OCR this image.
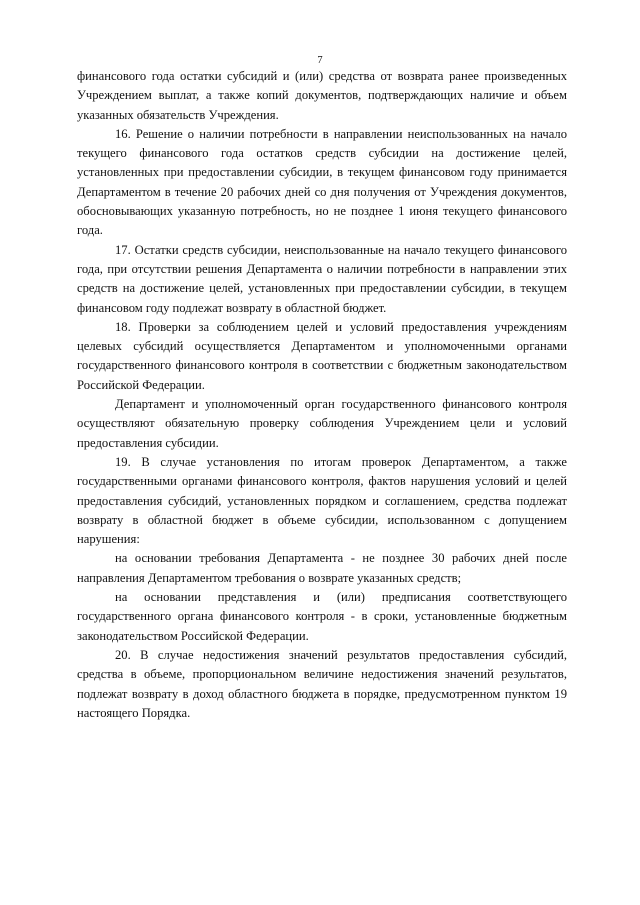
7

финансового года остатки субсидий и (или) средства от возврата ранее произведенных Учреждением выплат, а также копий документов, подтверждающих наличие и объем указанных обязательств Учреждения.

16. Решение о наличии потребности в направлении неиспользованных на начало текущего финансового года остатков средств субсидии на достижение целей, установленных при предоставлении субсидии, в текущем финансовом году принимается Департаментом в течение 20 рабочих дней со дня получения от Учреждения документов, обосновывающих указанную потребность, но не позднее 1 июня текущего финансового года.

17. Остатки средств субсидии, неиспользованные на начало текущего финансового года, при отсутствии решения Департамента о наличии потребности в направлении этих средств на достижение целей, установленных при предоставлении субсидии, в текущем финансовом году подлежат возврату в областной бюджет.

18. Проверки за соблюдением целей и условий предоставления учреждениям целевых субсидий осуществляется Департаментом и уполномоченными органами государственного финансового контроля в соответствии с бюджетным законодательством Российской Федерации.

Департамент и уполномоченный орган государственного финансового контроля осуществляют обязательную проверку соблюдения Учреждением цели и условий предоставления субсидии.

19. В случае установления по итогам проверок Департаментом, а также государственными органами финансового контроля, фактов нарушения условий и целей предоставления субсидий, установленных порядком и соглашением, средства подлежат возврату в областной бюджет в объеме субсидии, использованном с допущением нарушения:

на основании требования Департамента - не позднее 30 рабочих дней после направления Департаментом требования о возврате указанных средств;

на основании представления и (или) предписания соответствующего государственного органа финансового контроля - в сроки, установленные бюджетным законодательством Российской Федерации.

20. В случае недостижения значений результатов предоставления субсидий, средства в объеме, пропорциональном величине недостижения значений результатов, подлежат возврату в доход областного бюджета в порядке, предусмотренном пунктом 19 настоящего Порядка.
